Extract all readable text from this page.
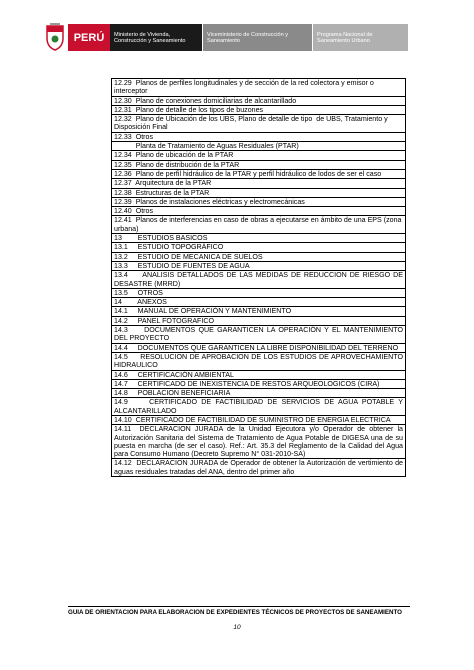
PERÚ	Ministerio de Vivienda, Construcción y Saneamiento
Viceministerio de Construcción y Saneamiento
Programa Nacional de Saneamiento Urbano
12.29  Planos de perfiles longitudinales y de sección de la red colectora y emisor o interceptor
12.30  Plano de conexiones domiciliarias de alcantarillado
12.31  Plano de detalle de los tipos de buzones
12.32  Plano de Ubicación de los UBS, Plano de detalle de tipo  de UBS, Tratamiento y Disposición Final
12.33  Otros
Planta de Tratamiento de Aguas Residuales (PTAR)
12.34  Plano de ubicación de la PTAR
12.35  Plano de distribución de la PTAR
12.36  Plano de perfil hidráulico de la PTAR y perfil hidráulico de lodos de ser el caso
12.37  Arquitectura de la PTAR
12.38  Estructuras de la PTAR
12.39  Planos de instalaciones eléctricas y electromecánicas
12.40  Otros
12.41  Planos de interferencias en caso de obras a ejecutarse en ámbito de una EPS (zona urbana)
13        ESTUDIOS BASICOS
13.1     ESTUDIO TOPOGRÁFICO
13.2     ESTUDIO DE MECANICA DE SUELOS
13.3     ESTUDIO DE FUENTES DE AGUA
13.4     ANALISIS DETALLADOS DE LAS MEDIDAS DE REDUCCION DE RIESGO DE DESASTRE (MRRD)
13.5     OTROS
14        ANEXOS
14.1     MANUAL DE OPERACIÓN Y MANTENIMIENTO
14.2     PANEL FOTOGRAFICO
14.3     DOCUMENTOS QUE GARANTICEN LA OPERACIÓN Y EL MANTENIMIENTO DEL PROYECTO
14.4     DOCUMENTOS QUE GARANTICEN LA LIBRE DISPONIBILIDAD DEL TERRENO
14.5     RESOLUCION DE APROBACION DE LOS ESTUDIOS DE APROVECHAMIENTO HIDRAULICO
14.6     CERTIFICACIÓN AMBIENTAL
14.7     CERTIFICADO DE INEXISTENCIA DE RESTOS ARQUEOLOGICOS (CIRA)
14.8     POBLACION BENEFICIARIA
14.9     CERTIFICADO DE FACTIBILIDAD DE SERVICIOS DE AGUA POTABLE Y ALCANTARILLADO
14.10  CERTIFICADO DE FACTIBILIDAD DE SUMINISTRO DE ENERGIA ELECTRICA
14.11  DECLARACION JURADA de la Unidad Ejecutora y/o Operador de obtener la Autorización Sanitaria del Sistema de Tratamiento de Agua Potable de DIGESA una de su puesta en marcha (de ser el caso). Ref.: Art. 35.3 del Reglamento de la Calidad del Agua para Consumo Humano (Decreto Supremo N° 031-2010-SA)
14.12  DECLARACION JURADA de Operador de obtener la Autorización de vertimiento de aguas residuales tratadas del ANA, dentro del primer año
GUIA DE ORIENTACION PARA ELABORACION DE EXPEDIENTES TÉCNICOS DE PROYECTOS DE SANEAMIENTO
10
